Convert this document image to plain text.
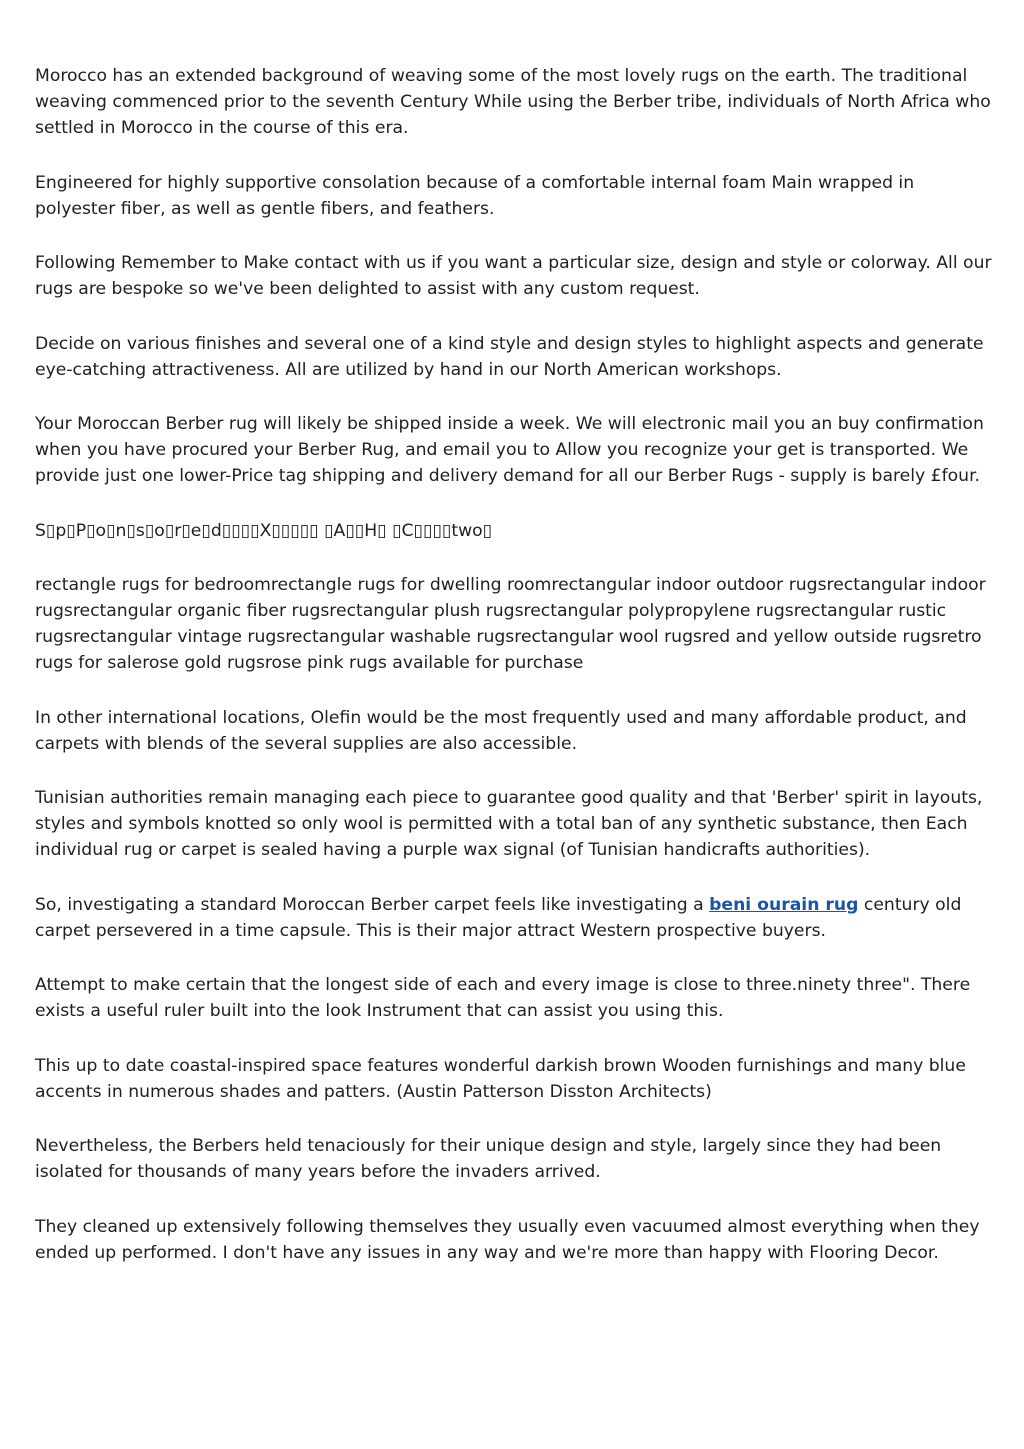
Morocco has an extended background of weaving some of the most lovely rugs on the earth. The traditional weaving commenced prior to the seventh Century While using the Berber tribe, individuals of North Africa who settled in Morocco in the course of this era.

Engineered for highly supportive consolation because of a comfortable internal foam Main wrapped in polyester fiber, as well as gentle fibers, and feathers.

Following Remember to Make contact with us if you want a particular size, design and style or colorway. All our rugs are bespoke so we've been delighted to assist with any custom request.

Decide on various finishes and several one of a kind style and design styles to highlight aspects and generate eye-catching attractiveness. All are utilized by hand in our North American workshops.

Your Moroccan Berber rug will likely be shipped inside a week. We will electronic mail you an buy confirmation when you have procured your Berber Rug, and email you to Allow you recognize your get is transported. We provide just one lower-Price tag shipping and delivery demand for all our Berber Rugs - supply is barely £four.

S▯p▯P▯o▯n▯s▯o▯r▯e▯d▯▯▯▯X▯▯▯▯▯ ▯A▯▯H▯ ▯C▯▯▯▯two▯

rectangle rugs for bedroomrectangle rugs for dwelling roomrectangular indoor outdoor rugsrectangular indoor rugsrectangular organic fiber rugsrectangular plush rugsrectangular polypropylene rugsrectangular rustic rugsrectangular vintage rugsrectangular washable rugsrectangular wool rugsred and yellow outside rugsretro rugs for salerose gold rugsrose pink rugs available for purchase

In other international locations, Olefin would be the most frequently used and many affordable product, and carpets with blends of the several supplies are also accessible.

Tunisian authorities remain managing each piece to guarantee good quality and that 'Berber' spirit in layouts, styles and symbols knotted so only wool is permitted with a total ban of any synthetic substance, then Each individual rug or carpet is sealed having a purple wax signal (of Tunisian handicrafts authorities).

So, investigating a standard Moroccan Berber carpet feels like investigating a beni ourain rug century old carpet persevered in a time capsule. This is their major attract Western prospective buyers.

Attempt to make certain that the longest side of each and every image is close to three.ninety three". There exists a useful ruler built into the look Instrument that can assist you using this.

This up to date coastal-inspired space features wonderful darkish brown Wooden furnishings and many blue accents in numerous shades and patters. (Austin Patterson Disston Architects)

Nevertheless, the Berbers held tenaciously for their unique design and style, largely since they had been isolated for thousands of many years before the invaders arrived.

They cleaned up extensively following themselves they usually even vacuumed almost everything when they ended up performed. I don't have any issues in any way and we're more than happy with Flooring Decor.
